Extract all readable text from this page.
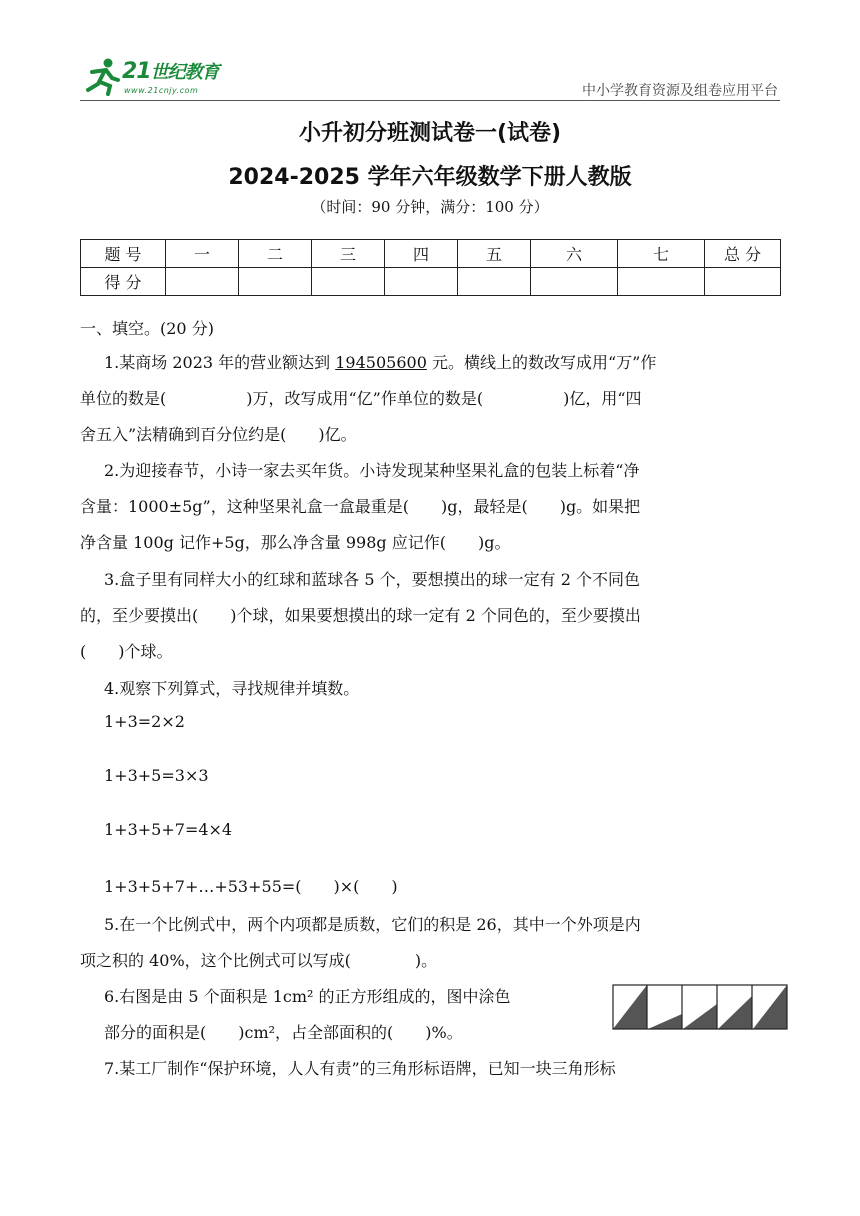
21世纪教育
www.21cnjy.com	中小学教育资源及组卷应用平台
小升初分班测试卷一(试卷)
2024-2025 学年六年级数学下册人教版
（时间：90 分钟，满分：100 分）
题 号	一	二	三	四	五	六	七	总 分
得 分								
一、填空。(20 分)
1.某商场 2023 年的营业额达到 194505600 元。横线上的数改写成用“万”作
单位的数是(　　　　　)万，改写成用“亿”作单位的数是(　　　　　)亿，用“四
舍五入”法精确到百分位约是(　　)亿。
2.为迎接春节，小诗一家去买年货。小诗发现某种坚果礼盒的包装上标着“净
含量：1000±5g”，这种坚果礼盒一盒最重是(　　)g，最轻是(　　)g。如果把
净含量 100g 记作+5g，那么净含量 998g 应记作(　　)g。
3.盒子里有同样大小的红球和蓝球各 5 个，要想摸出的球一定有 2 个不同色
的，至少要摸出(　　)个球，如果要想摸出的球一定有 2 个同色的，至少要摸出
(　　)个球。
4.观察下列算式，寻找规律并填数。
1+3=2×2
1+3+5=3×3
1+3+5+7=4×4
1+3+5+7+…+53+55=(　　)×(　　)
5.在一个比例式中，两个内项都是质数，它们的积是 26，其中一个外项是内
项之积的 40%，这个比例式可以写成(　　　　)。
6.右图是由 5 个面积是 1cm² 的正方形组成的，图中涂色
部分的面积是(　　)cm²，占全部面积的(　　)%。
7.某工厂制作“保护环境，人人有责”的三角形标语牌，已知一块三角形标
